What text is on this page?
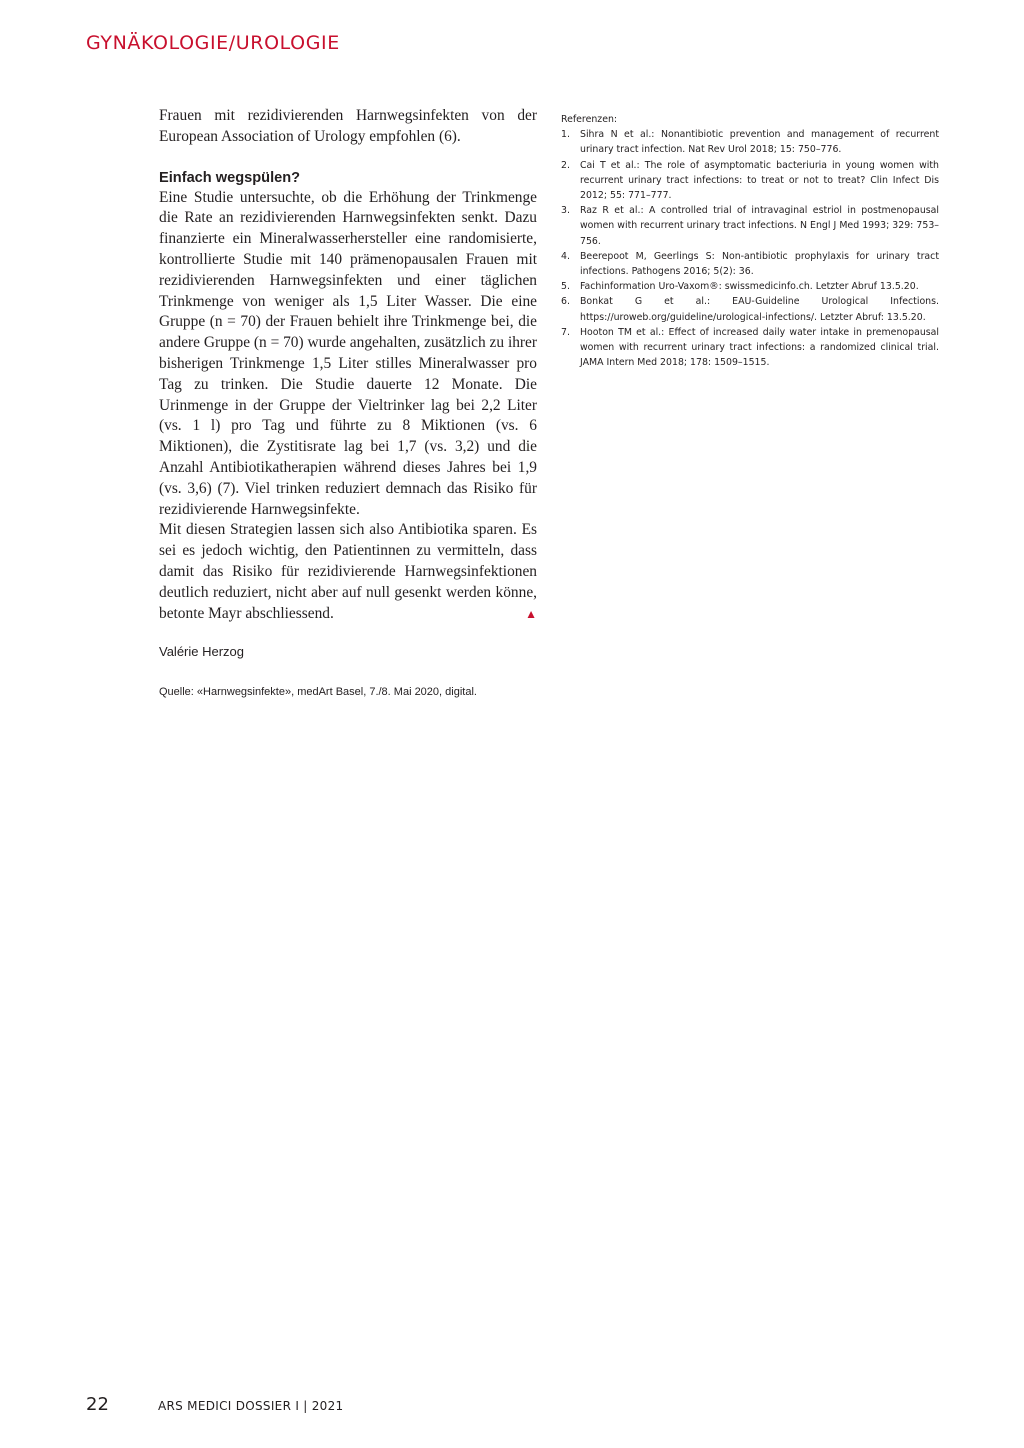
GYNÄKOLOGIE/UROLOGIE

Frauen mit rezidivierenden Harnwegsinfekten von der European Association of Urology empfohlen (6).

Einfach wegspülen?

Eine Studie untersuchte, ob die Erhöhung der Trinkmenge die Rate an rezidivierenden Harnwegsinfekten senkt. Dazu finanzierte ein Mineralwasserhersteller eine randomisierte, kontrollierte Studie mit 140 prämenopausalen Frauen mit rezidivierenden Harnwegsinfekten und einer täglichen Trinkmenge von weniger als 1,5 Liter Wasser. Die eine Gruppe (n = 70) der Frauen behielt ihre Trinkmenge bei, die andere Gruppe (n = 70) wurde angehalten, zusätzlich zu ihrer bisherigen Trinkmenge 1,5 Liter stilles Mineralwasser pro Tag zu trinken. Die Studie dauerte 12 Monate. Die Urinmenge in der Gruppe der Vieltrinker lag bei 2,2 Liter (vs. 1 l) pro Tag und führte zu 8 Miktionen (vs. 6 Miktionen), die Zystitisrate lag bei 1,7 (vs. 3,2) und die Anzahl Antibiotikatherapien während dieses Jahres bei 1,9 (vs. 3,6) (7). Viel trinken reduziert demnach das Risiko für rezidivierende Harnwegsinfekte.

Mit diesen Strategien lassen sich also Antibiotika sparen. Es sei es jedoch wichtig, den Patientinnen zu vermitteln, dass damit das Risiko für rezidivierende Harnwegsinfektionen deutlich reduziert, nicht aber auf null gesenkt werden könne, betonte Mayr abschliessend.	▲

Valérie Herzog
Quelle: «Harnwegsinfekte», medArt Basel, 7./8. Mai 2020, digital.

Referenzen:

1. Sihra N et al.: Nonantibiotic prevention and management of recurrent urinary tract infection. Nat Rev Urol 2018; 15: 750–776.
2. Cai T et al.: The role of asymptomatic bacteriuria in young women with recurrent urinary tract infections: to treat or not to treat? Clin Infect Dis 2012; 55: 771–777.
3. Raz R et al.: A controlled trial of intravaginal estriol in postmenopausal women with recurrent urinary tract infections. N Engl J Med 1993; 329: 753–756.
4. Beerepoot M, Geerlings S: Non-antibiotic prophylaxis for urinary tract infections. Pathogens 2016; 5(2): 36.
5. Fachinformation Uro-Vaxom®: swissmedicinfo.ch. Letzter Abruf 13.5.20.
6. Bonkat G et al.: EAU-Guideline Urological Infections. https://uroweb.org/guideline/urological-infections/. Letzter Abruf: 13.5.20.
7. Hooton TM et al.: Effect of increased daily water intake in premenopausal women with recurrent urinary tract infections: a randomized clinical trial. JAMA Intern Med 2018; 178: 1509–1515.
22	ARS MEDICI DOSSIER I | 2021
